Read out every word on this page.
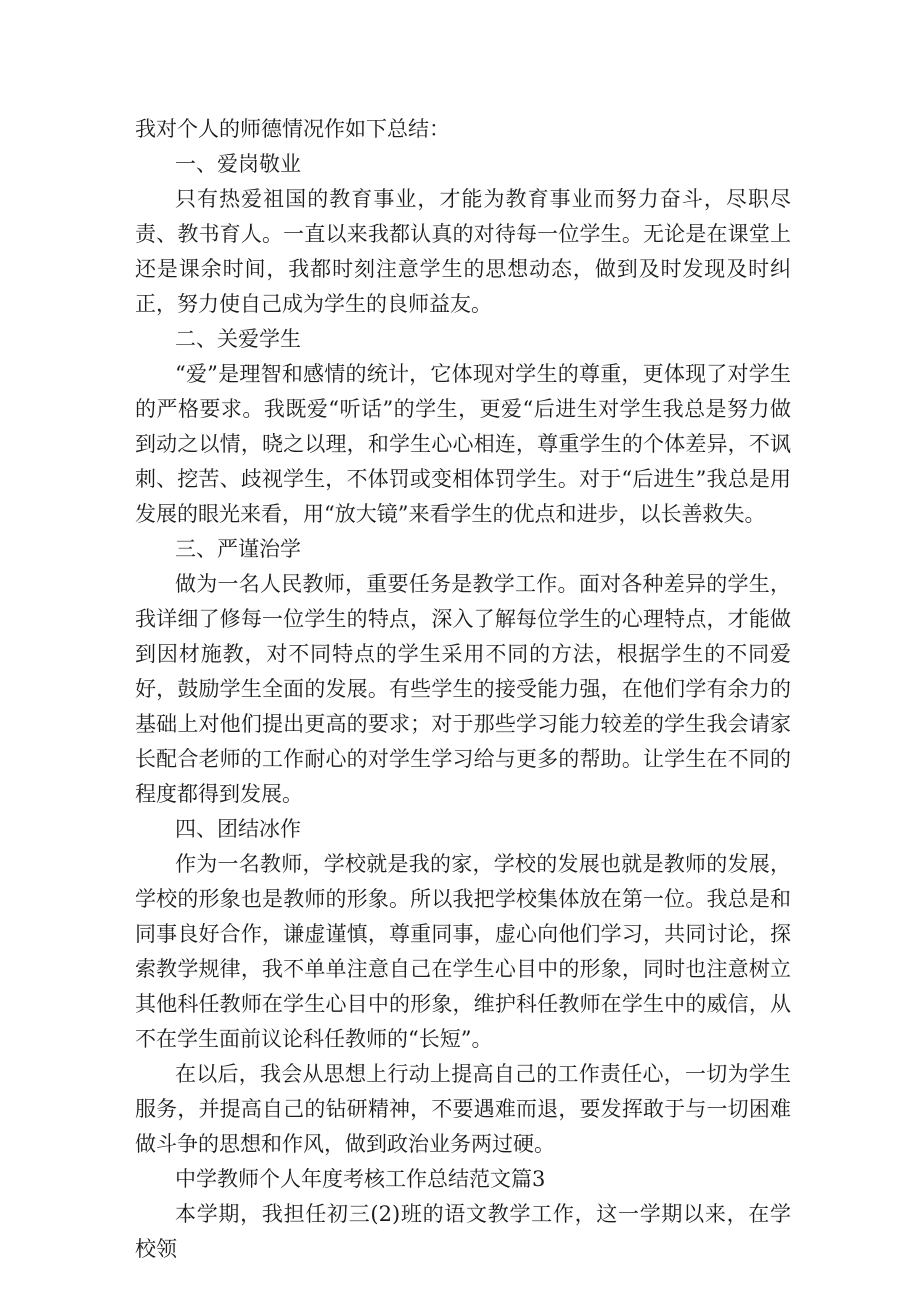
我对个人的师德情况作如下总结：

一、爱岗敬业

只有热爱祖国的教育事业，才能为教育事业而努力奋斗，尽职尽责、教书育人。一直以来我都认真的对待每一位学生。无论是在课堂上还是课余时间，我都时刻注意学生的思想动态，做到及时发现及时纠正，努力使自己成为学生的良师益友。

二、关爱学生

“爱”是理智和感情的统计，它体现对学生的尊重，更体现了对学生的严格要求。我既爱“听话”的学生，更爱“后进生对学生我总是努力做到动之以情，晓之以理，和学生心心相连，尊重学生的个体差异，不讽刺、挖苦、歧视学生，不体罚或变相体罚学生。对于“后进生”我总是用发展的眼光来看，用“放大镜”来看学生的优点和进步，以长善救失。

三、严谨治学

做为一名人民教师，重要任务是教学工作。面对各种差异的学生，我详细了修每一位学生的特点，深入了解每位学生的心理特点，才能做到因材施教，对不同特点的学生采用不同的方法，根据学生的不同爱好，鼓励学生全面的发展。有些学生的接受能力强，在他们学有余力的基础上对他们提出更高的要求；对于那些学习能力较差的学生我会请家长配合老师的工作耐心的对学生学习给与更多的帮助。让学生在不同的程度都得到发展。

四、团结冰作

作为一名教师，学校就是我的家，学校的发展也就是教师的发展，学校的形象也是教师的形象。所以我把学校集体放在第一位。我总是和同事良好合作，谦虚谨慎，尊重同事，虚心向他们学习，共同讨论，探索教学规律，我不单单注意自己在学生心目中的形象，同时也注意树立其他科任教师在学生心目中的形象，维护科任教师在学生中的威信，从不在学生面前议论科任教师的“长短”。

在以后，我会从思想上行动上提高自己的工作责任心，一切为学生服务，并提高自己的钻研精神，不要遇难而退，要发挥敢于与一切困难做斗争的思想和作风，做到政治业务两过硬。

中学教师个人年度考核工作总结范文篇3

本学期，我担任初三(2)班的语文教学工作，这一学期以来，在学校领
